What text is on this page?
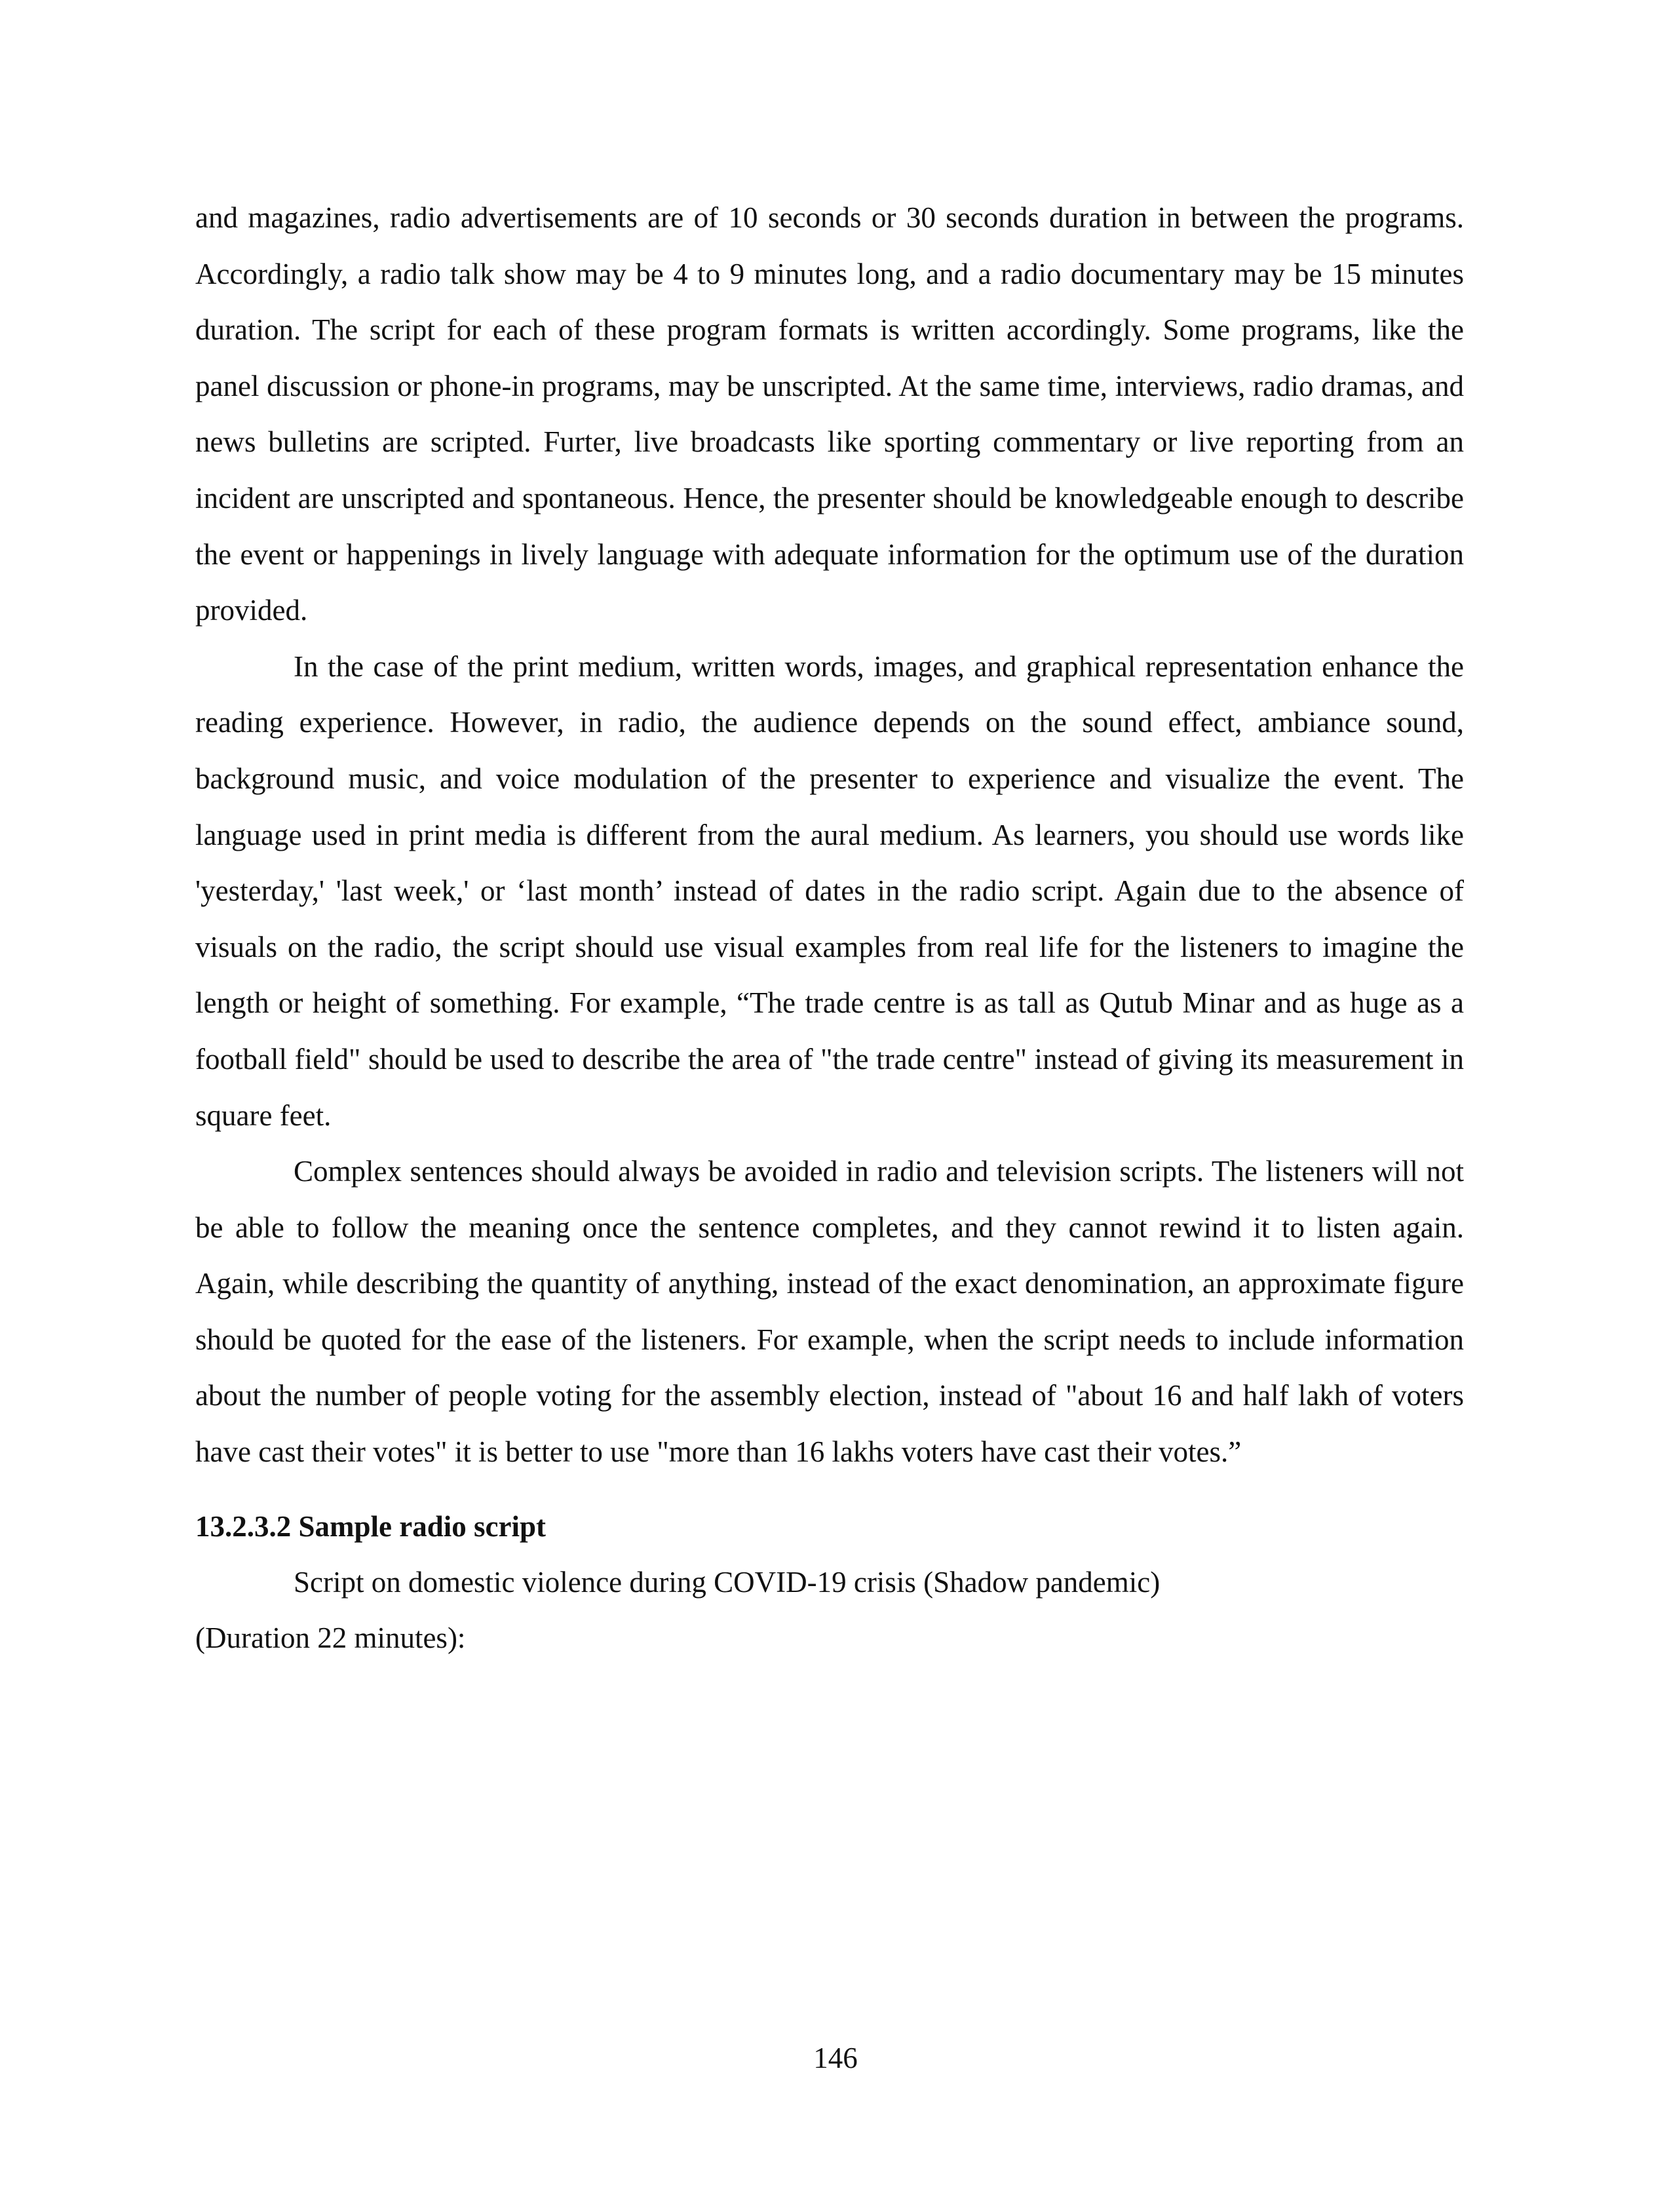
and magazines, radio advertisements are of 10 seconds or 30 seconds duration in between the programs. Accordingly, a radio talk show may be 4 to 9 minutes long, and a radio documentary may be 15 minutes duration. The script for each of these program formats is written accordingly. Some programs, like the panel discussion or phone-in programs, may be unscripted. At the same time, interviews, radio dramas, and news bulletins are scripted. Furter, live broadcasts like sporting commentary or live reporting from an incident are unscripted and spontaneous. Hence, the presenter should be knowledgeable enough to describe the event or happenings in lively language with adequate information for the optimum use of the duration provided.

In the case of the print medium, written words, images, and graphical representation enhance the reading experience. However, in radio, the audience depends on the sound effect, ambiance sound, background music, and voice modulation of the presenter to experience and visualize the event. The language used in print media is different from the aural medium. As learners, you should use words like 'yesterday,' 'last week,' or ‘last month’ instead of dates in the radio script. Again due to the absence of visuals on the radio, the script should use visual examples from real life for the listeners to imagine the length or height of something. For example, “The trade centre is as tall as Qutub Minar and as huge as a football field" should be used to describe the area of "the trade centre" instead of giving its measurement in square feet.

Complex sentences should always be avoided in radio and television scripts. The listeners will not be able to follow the meaning once the sentence completes, and they cannot rewind it to listen again. Again, while describing the quantity of anything, instead of the exact denomination, an approximate figure should be quoted for the ease of the listeners. For example, when the script needs to include information about the number of people voting for the assembly election, instead of "about 16 and half lakh of voters have cast their votes" it is better to use "more than 16 lakhs voters have cast their votes.”

13.2.3.2 Sample radio script

Script on domestic violence during COVID-19 crisis (Shadow pandemic)

(Duration 22 minutes):

146
